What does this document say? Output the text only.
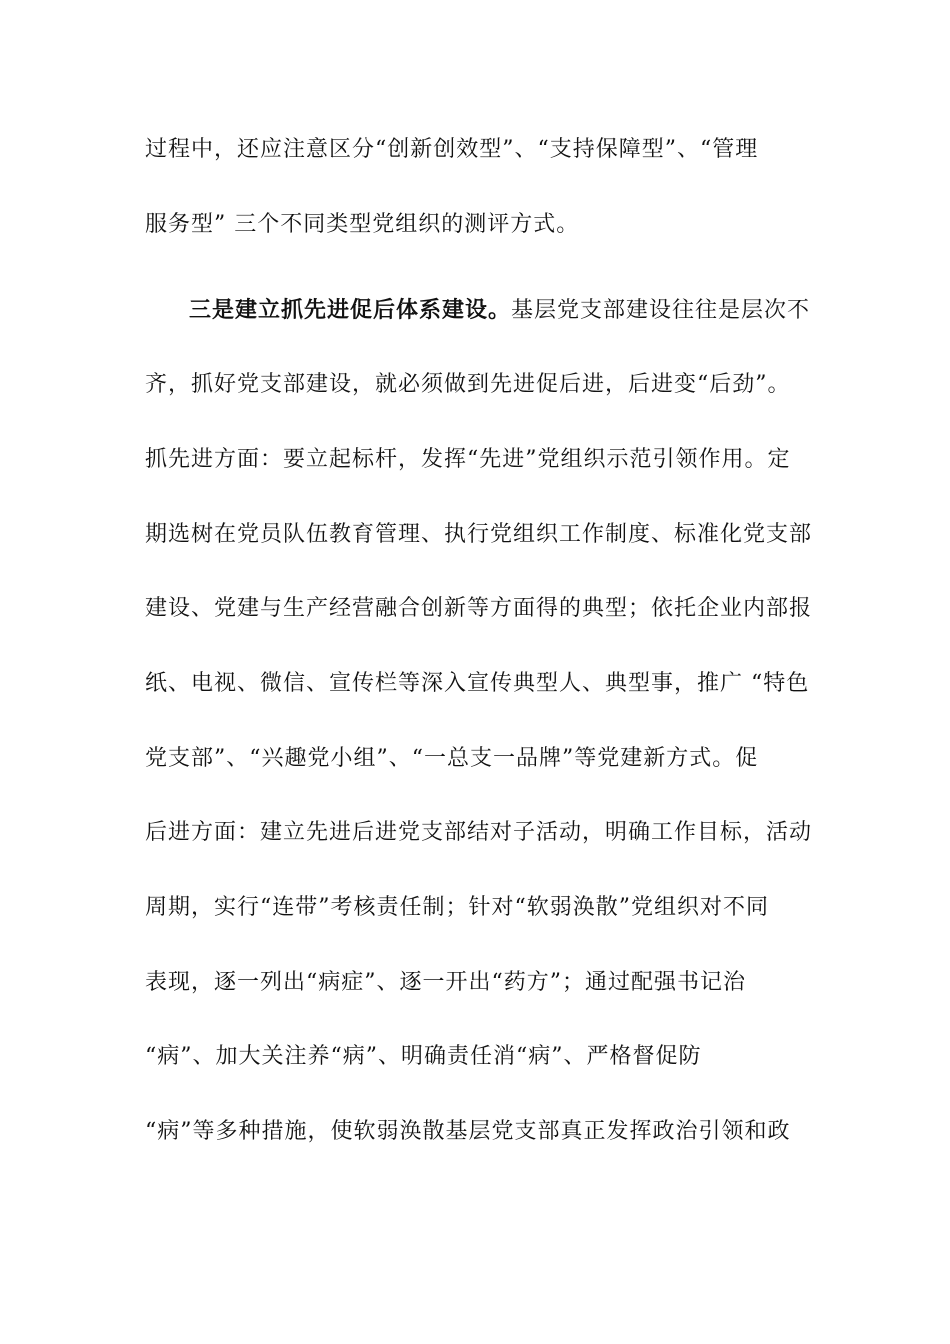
过程中，还应注意区分“创新创效型”、“支持保障型”、“管理
服务型” 三个不同类型党组织的测评方式。
三是建立抓先进促后体系建设。基层党支部建设往往是层次不
齐，抓好党支部建设，就必须做到先进促后进，后进变“后劲”。
抓先进方面：要立起标杆，发挥“先进”党组织示范引领作用。定
期选树在党员队伍教育管理、执行党组织工作制度、标准化党支部
建设、党建与生产经营融合创新等方面得的典型；依托企业内部报
纸、电视、微信、宣传栏等深入宣传典型人、典型事，推广 “特色
党支部”、“兴趣党小组”、“一总支一品牌”等党建新方式。促
后进方面：建立先进后进党支部结对子活动，明确工作目标，活动
周期，实行“连带”考核责任制；针对“软弱涣散”党组织对不同
表现，逐一列出“病症”、逐一开出“药方”；通过配强书记治
“病”、加大关注养“病”、明确责任消“病”、严格督促防
“病”等多种措施，使软弱涣散基层党支部真正发挥政治引领和政
